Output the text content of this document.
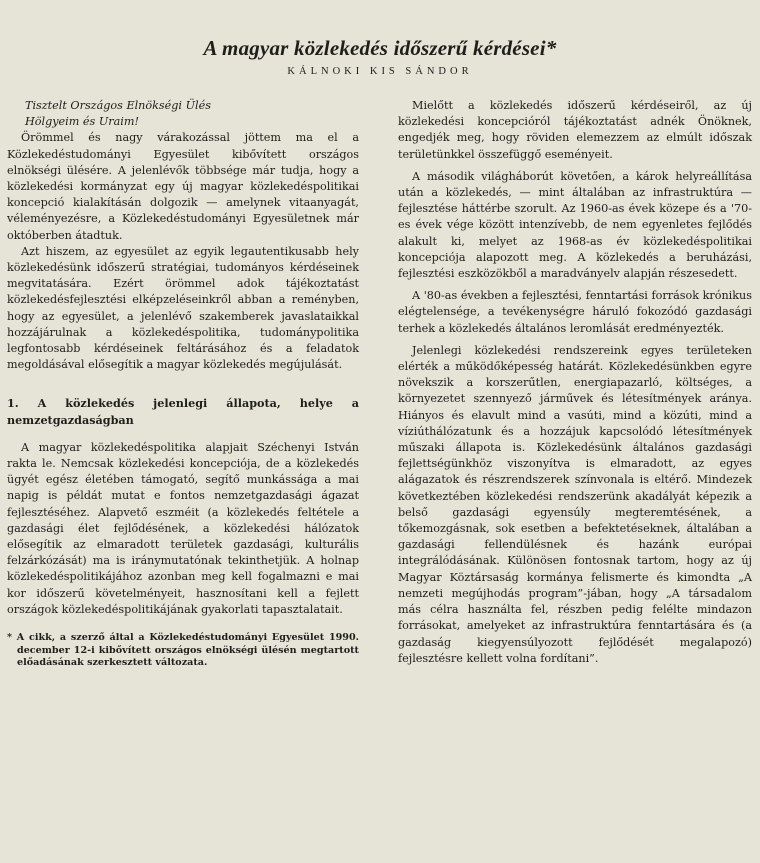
A magyar közlekedés időszerű kérdései*
KÁLNOKI KIS SÁNDOR

Tisztelt Országos Elnökségi Ülés

Hölgyeim és Uraim!

Örömmel és nagy várakozással jöttem ma el a Közlekedéstudományi Egyesület kibővített országos elnökségi ülésére. A jelenlévők többsége már tudja, hogy a közlekedési kormányzat egy új magyar közlekedéspolitikai koncepció kialakításán dolgozik — amelynek vitaanyagát, véleményezésre, a Közlekedéstudományi Egyesületnek már októberben átadtuk.

Azt hiszem, az egyesület az egyik legautentikusabb hely közlekedésünk időszerű stratégiai, tudományos kérdéseinek megvitatására. Ezért örömmel adok tájékoztatást közlekedésfejlesztési elképzeléseinkről abban a reményben, hogy az egyesület, a jelenlévő szakemberek javaslataikkal hozzájárulnak a közlekedéspolitika, tudománypolitika legfontosabb kérdéseinek feltárásához és a feladatok megoldásával elősegítik a magyar közlekedés megújulását.

1. A közlekedés jelenlegi állapota, helye a nemzetgazdaságban

A magyar közlekedéspolitika alapjait Széchenyi István rakta le. Nemcsak közlekedési koncepciója, de a közlekedés ügyét egész életében támogató, segítő munkássága a mai napig is példát mutat e fontos nemzetgazdasági ágazat fejlesztéséhez. Alapvető eszméit (a közlekedés feltétele a gazdasági élet fejlődésének, a közlekedési hálózatok elősegítik az elmaradott területek gazdasági, kulturális felzárkózását) ma is iránymutatónak tekinthetjük. A holnap közlekedéspolitikájához azonban meg kell fogalmazni e mai kor időszerű követelményeit, hasznosítani kell a fejlett országok közlekedéspolitikájának gyakorlati tapasztalatait.

* A cikk, a szerző által a Közlekedéstudományi Egyesület 1990. december 12-i kibővített országos elnökségi ülésén megtartott előadásának szerkesztett változata.

Mielőtt a közlekedés időszerű kérdéseiről, az új közlekedési koncepcióról tájékoztatást adnék Önöknek, engedjék meg, hogy röviden elemezzem az elmúlt időszak területünkkel összefüggő eseményeit.

A második világháborút követően, a károk helyreállítása után a közlekedés, — mint általában az infrastruktúra — fejlesztése háttérbe szorult. Az 1960-as évek közepe és a '70-es évek vége között intenzívebb, de nem egyenletes fejlődés alakult ki, melyet az 1968-as év közlekedéspolitikai koncepciója alapozott meg. A közlekedés a beruházási, fejlesztési eszközökből a maradványelv alapján részesedett.

A '80-as években a fejlesztési, fenntartási források krónikus elégtelensége, a tevékenységre háruló fokozódó gazdasági terhek a közlekedés általános leromlását eredményezték.

Jelenlegi közlekedési rendszereink egyes területeken elérték a működőképesség határát. Közlekedésünkben egyre növekszik a korszerűtlen, energiapazarló, költséges, a környezetet szennyező járművek és létesítmények aránya. Hiányos és elavult mind a vasúti, mind a közúti, mind a víziúthálózatunk és a hozzájuk kapcsolódó létesítmények műszaki állapota is. Közlekedésünk általános gazdasági fejlettségünkhöz viszonyítva is elmaradott, az egyes alágazatok és részrendszerek színvonala is eltérő. Mindezek következtében közlekedési rendszerünk akadályát képezik a belső gazdasági egyensúly megteremtésének, a tőkemozgásnak, sok esetben a befektetéseknek, általában a gazdasági fellendülésnek és hazánk európai integrálódásának. Különösen fontosnak tartom, hogy az új Magyar Köztársaság kormánya felismerte és kimondta „A nemzeti megújhodás program”-jában, hogy „A társadalom más célra használta fel, részben pedig felélte mindazon forrásokat, amelyeket az infrastruktúra fenntartására és (a gazdaság kiegyensúlyozott fejlődését megalapozó) fejlesztésre kellett volna fordítani”.
